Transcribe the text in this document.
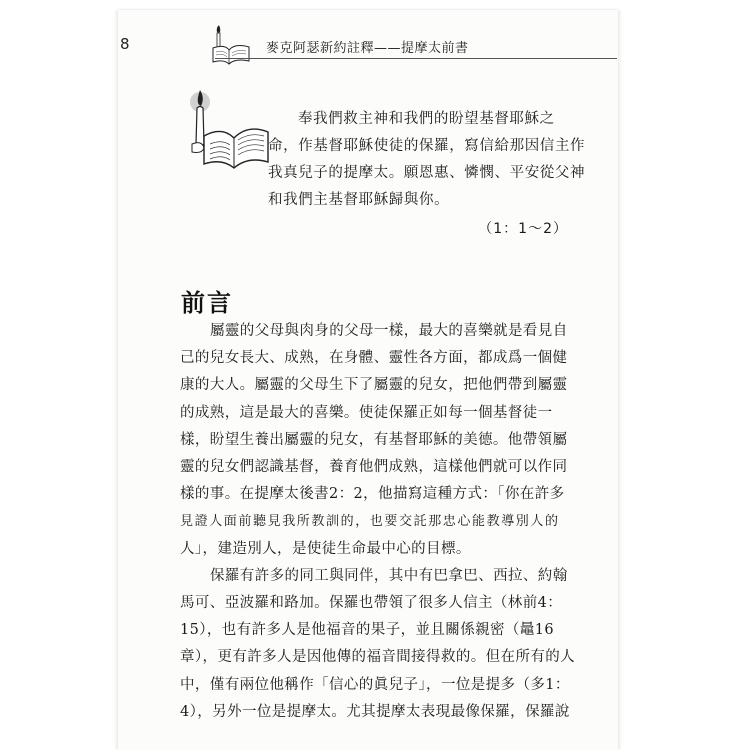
8	麥克阿瑟新約註釋——提摩太前書
奉我們救主神和我們的盼望基督耶穌之
命，作基督耶穌使徒的保羅，寫信給那因信主作
我真兒子的提摩太。願恩惠、憐憫、平安從父神
和我們主基督耶穌歸與你。
（1：1～2）
前言
屬靈的父母與肉身的父母一樣，最大的喜樂就是看見自
己的兒女長大、成熟，在身體、靈性各方面，都成爲一個健
康的大人。屬靈的父母生下了屬靈的兒女，把他們帶到屬靈
的成熟，這是最大的喜樂。使徒保羅正如每一個基督徒一
樣，盼望生養出屬靈的兒女，有基督耶穌的美德。他帶領屬
靈的兒女們認識基督，養育他們成熟，這樣他們就可以作同
樣的事。在提摩太後書2：2，他描寫這種方式：「你在許多
見證人面前聽見我所教訓的，也要交託那忠心能教導別人的
人」，建造別人，是使徒生命最中心的目標。
保羅有許多的同工與同伴，其中有巴拿巴、西拉、約翰
馬可、亞波羅和路加。保羅也帶領了很多人信主（林前4：
15），也有許多人是他福音的果子，並且關係親密（鼂16
章），更有許多人是因他傳的福音間接得救的。但在所有的人
中，僅有兩位他稱作「信心的眞兒子」，一位是提多（多1：
4），另外一位是提摩太。尤其提摩太表現最像保羅，保羅說
